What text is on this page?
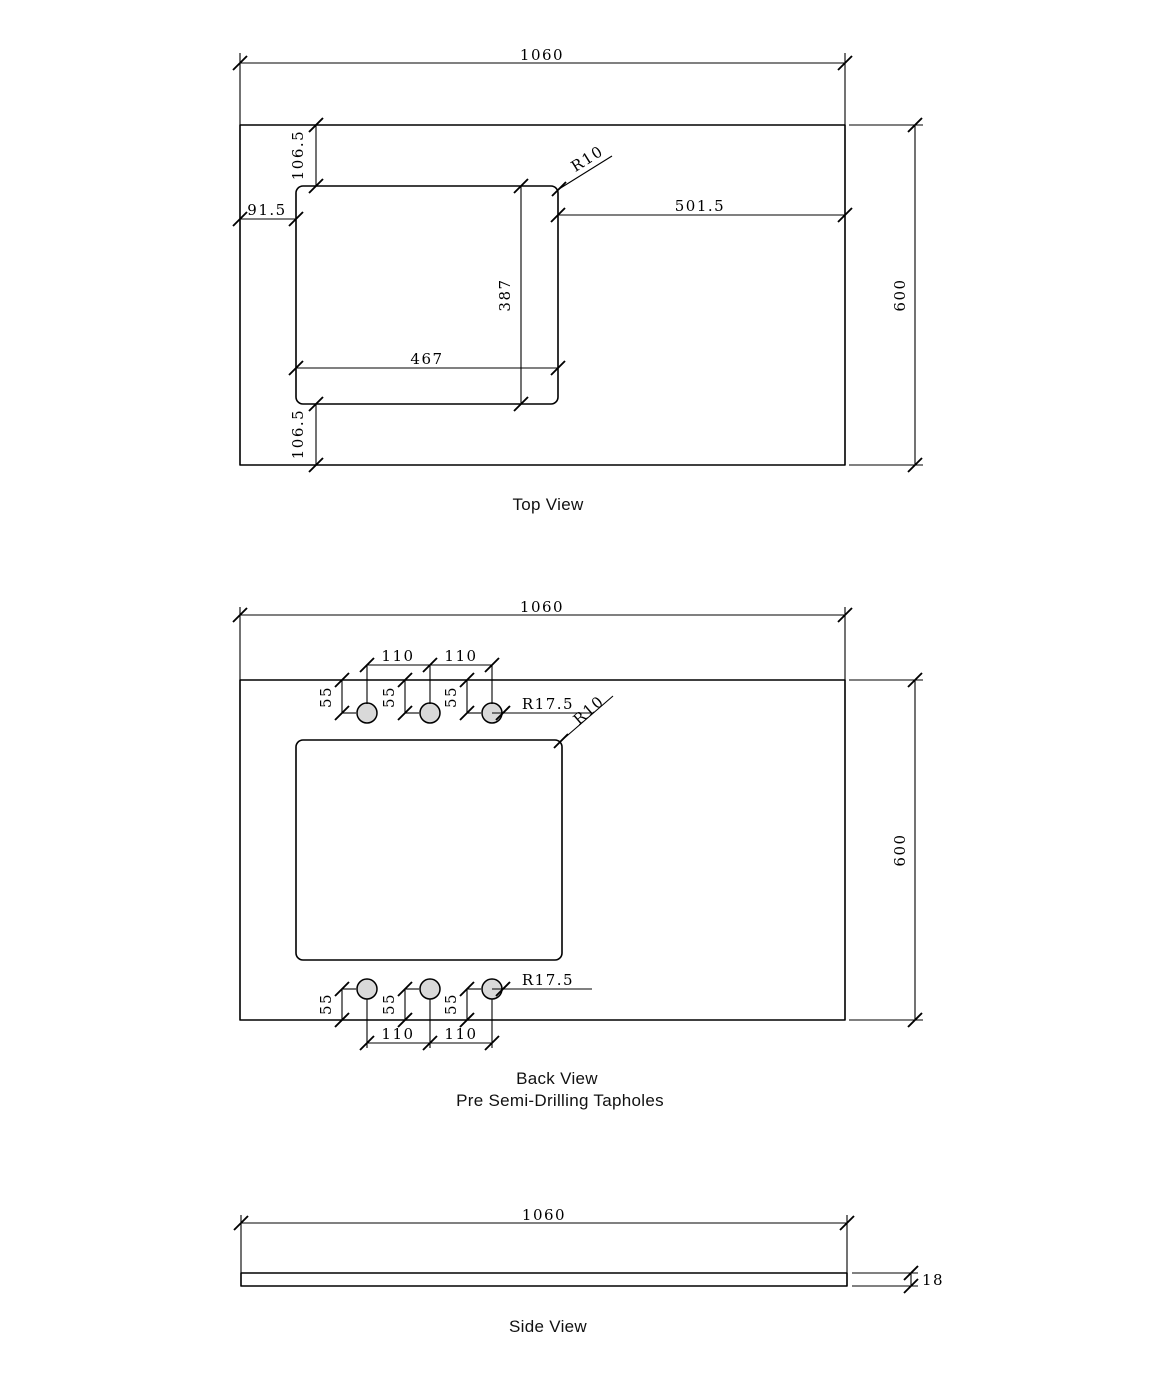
1060
600
106.5
91.5	501.5
387
467
106.5
R10
Top View
1060
600
110 110
55	55	55	R17.5
R10
55	55	55
R17.5
110 110
Back View
Pre Semi-Drilling Tapholes
1060
18
Side View
